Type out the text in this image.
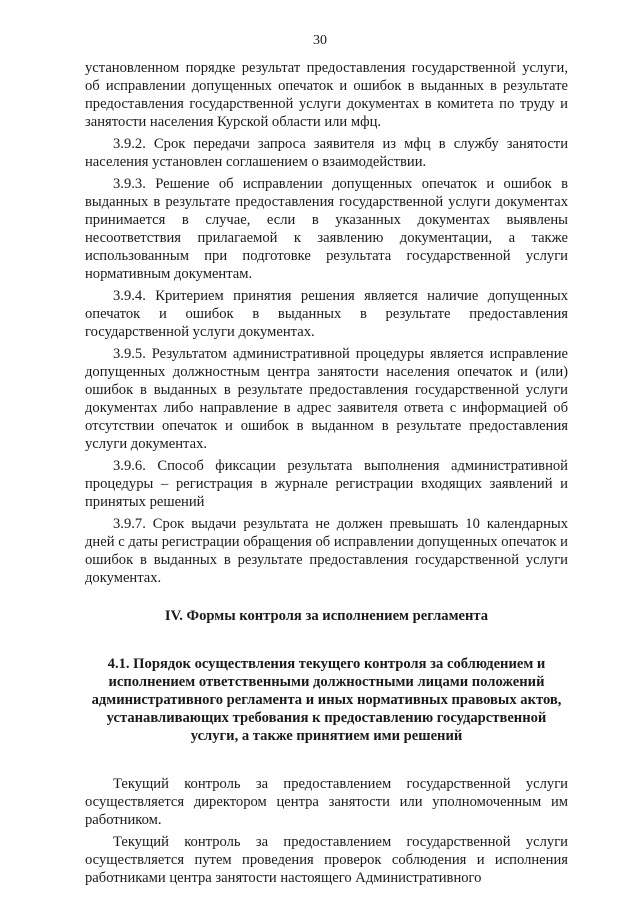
30

установленном порядке результат предоставления государственной услуги, об исправлении допущенных опечаток и ошибок в выданных в результате предоставления государственной услуги документах в комитета по труду и занятости населения Курской области или мфц.

3.9.2. Срок передачи запроса заявителя из мфц в службу занятости населения установлен соглашением о взаимодействии.

3.9.3. Решение об исправлении допущенных опечаток и ошибок в выданных в результате предоставления государственной услуги документах принимается в случае, если в указанных документах выявлены несоответствия прилагаемой к заявлению документации, а также использованным при подготовке результата государственной услуги нормативным документам.

3.9.4. Критерием принятия решения является наличие допущенных опечаток и ошибок в выданных в результате предоставления государственной услуги документах.

3.9.5. Результатом административной процедуры является исправление допущенных должностным центра занятости населения опечаток и (или) ошибок в выданных в результате предоставления государственной услуги документах либо направление в адрес заявителя ответа с информацией об отсутствии опечаток и ошибок в выданном в результате предоставления услуги документах.

3.9.6. Способ фиксации результата выполнения административной процедуры – регистрация в журнале регистрации входящих заявлений и принятых решений

3.9.7. Срок выдачи результата не должен превышать 10 календарных дней с даты регистрации обращения об исправлении допущенных опечаток и ошибок в выданных в результате предоставления государственной услуги документах.

IV. Формы контроля за исполнением регламента
4.1. Порядок осуществления текущего контроля за соблюдением и исполнением ответственными должностными лицами положений административного регламента и иных нормативных правовых актов, устанавливающих требования к предоставлению государственной услуги, а также принятием ими решений

Текущий контроль за предоставлением государственной услуги осуществляется директором центра занятости или уполномоченным им работником.

Текущий контроль за предоставлением государственной услуги осуществляется путем проведения проверок соблюдения и исполнения работниками центра занятости настоящего Административного
